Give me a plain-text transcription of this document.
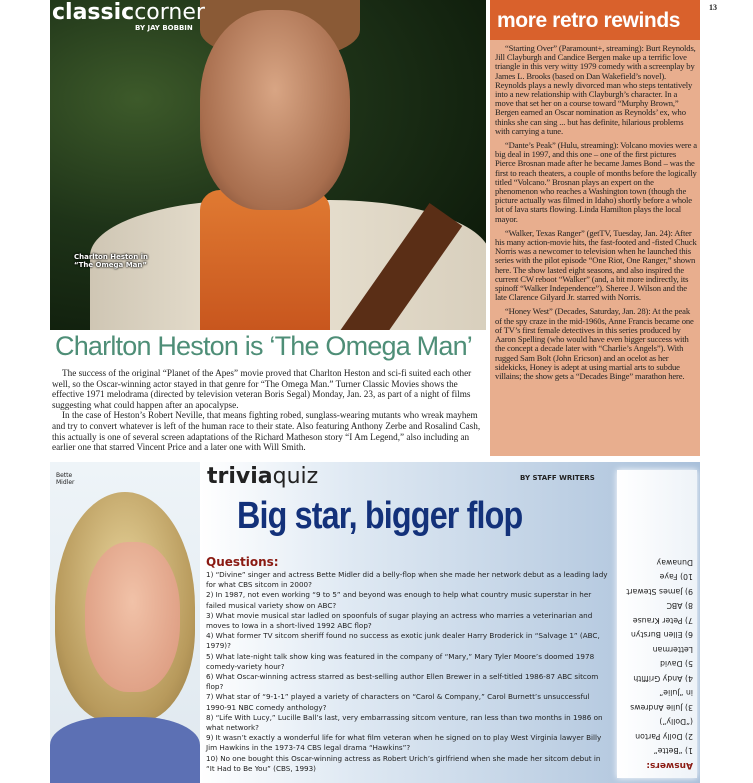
classiccorner
BY JAY BOBBIN
Charlton Heston in
“The Omega Man”
Charlton Heston is ‘The Omega Man’

The success of the original “Planet of the Apes” movie proved that Charlton Heston and sci-fi suited each other well, so the Oscar-winning actor stayed in that genre for “The Omega Man.” Turner Classic Movies shows the effective 1971 melodrama (directed by television veteran Boris Segal) Monday, Jan. 23, as part of a night of films suggesting what could happen after an apocalypse.

In the case of Heston’s Robert Neville, that means fighting robed, sunglass-wearing mutants who wreak mayhem and try to convert whatever is left of the human race to their state. Also featuring Anthony Zerbe and Rosalind Cash, this actually is one of several screen adaptations of the Richard Matheson story “I Am Legend,” also including an earlier one that starred Vincent Price and a later one with Will Smith.

13

“Starting Over” (Paramount+, streaming): Burt Reynolds, Jill Clayburgh and Candice Bergen make up a terrific love triangle in this very witty 1979 comedy with a screenplay by James L. Brooks (based on Dan Wakefield’s novel). Reynolds plays a newly divorced man who steps tentatively into a new relationship with Clayburgh’s character. In a move that set her on a course toward “Murphy Brown,” Bergen earned an Oscar nomination as Reynolds’ ex, who thinks she can sing ... but has definite, hilarious problems with carrying a tune.

“Dante’s Peak” (Hulu, streaming): Volcano movies were a big deal in 1997, and this one – one of the first pictures Pierce Brosnan made after he became James Bond – was the first to reach theaters, a couple of months before the logically titled “Volcano.” Brosnan plays an expert on the phenomenon who reaches a Washington town (though the picture actually was filmed in Idaho) shortly before a whole lot of lava starts flowing. Linda Hamilton plays the local mayor.

“Walker, Texas Ranger” (getTV, Tuesday, Jan. 24): After his many action-movie hits, the fast-footed and -fisted Chuck Norris was a newcomer to television when he launched this series with the pilot episode “One Riot, One Ranger,” shown here. The show lasted eight seasons, and also inspired the current CW reboot “Walker” (and, a bit more indirectly, its spinoff “Walker Independence”). Sheree J. Wilson and the late Clarence Gilyard Jr. starred with Norris.

“Honey West” (Decades, Saturday, Jan. 28): At the peak of the spy craze in the mid-1960s, Anne Francis became one of TV’s first female detectives in this series produced by Aaron Spelling (who would have even bigger success with the concept a decade later with “Charlie’s Angels”). With rugged Sam Bolt (John Ericson) and an ocelot as her sidekicks, Honey is adept at using martial arts to subdue villains; the show gets a “Decades Binge” marathon here.

more retro rewinds
Bette
Midler	triviaquiz	BY STAFF WRITERS
Big star, bigger flop
Questions:
1) “Divine” singer and actress Bette Midler did a belly-flop when she made her network debut as a leading lady for what CBS sitcom in 2000?
2) In 1987, not even working “9 to 5” and beyond was enough to help what country music superstar in her failed musical variety show on ABC?
3) What movie musical star ladled on spoonfuls of sugar playing an actress who marries a veterinarian and moves to Iowa in a short-lived 1992 ABC flop?
4) What former TV sitcom sheriff found no success as exotic junk dealer Harry Broderick in “Salvage 1” (ABC, 1979)?
5) What late-night talk show king was featured in the company of “Mary,” Mary Tyler Moore’s doomed 1978 comedy-variety hour?
6) What Oscar-winning actress starred as best-selling author Ellen Brewer in a self-titled 1986-87 ABC sitcom flop?
7) What star of “9-1-1” played a variety of characters on “Carol & Company,” Carol Burnett’s unsuccessful 1990-91 NBC comedy anthology?
8) “Life With Lucy,” Lucille Ball’s last, very embarrassing sitcom venture, ran less than two months in 1986 on what network?
9) It wasn’t exactly a wonderful life for what film veteran when he signed on to play West Virginia lawyer Billy Jim Hawkins in the 1973-74 CBS legal drama “Hawkins”?
10) No one bought this Oscar-winning actress as Robert Urich’s girlfriend when she made her sitcom debut in “It Had to Be You” (CBS, 1993)	Answers:
1) “Bette”
2) Dolly Parton
(“Dolly”)
3) Julie Andrews
in “Julie”
4) Andy Griffith
5) David
Letterman
6) Ellen Burstyn
7) Peter Krause
8) ABC
9) James Stewart
10) Faye
Dunaway
